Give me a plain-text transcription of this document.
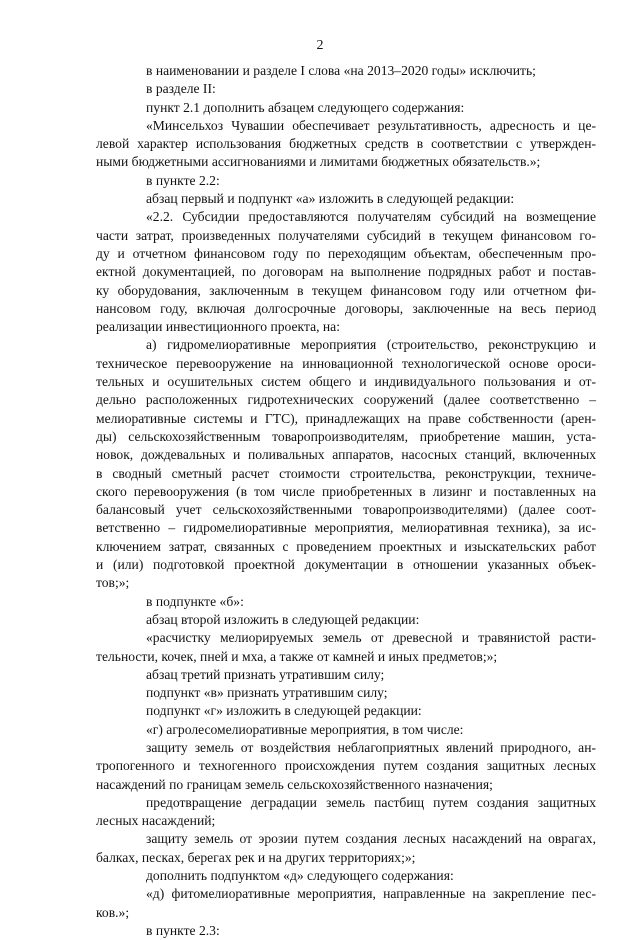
2
в наименовании и разделе I слова «на 2013–2020 годы» исключить;
в разделе II:
пункт 2.1 дополнить абзацем следующего содержания:
«Минсельхоз Чувашии обеспечивает результативность, адресность и це-
левой характер использования бюджетных средств в соответствии с утвержден-
ными бюджетными ассигнованиями и лимитами бюджетных обязательств.»;
в пункте 2.2:
абзац первый и подпункт «а» изложить в следующей редакции:
«2.2. Субсидии предоставляются получателям субсидий на возмещение
части затрат, произведенных получателями субсидий в текущем финансовом го-
ду и отчетном финансовом году по переходящим объектам, обеспеченным про-
ектной документацией, по договорам на выполнение подрядных работ и постав-
ку оборудования, заключенным в текущем финансовом году или отчетном фи-
нансовом году, включая долгосрочные договоры, заключенные на весь период
реализации инвестиционного проекта, на:
а) гидромелиоративные мероприятия (строительство, реконструкцию и
техническое перевооружение на инновационной технологической основе ороси-
тельных и осушительных систем общего и индивидуального пользования и от-
дельно расположенных гидротехнических сооружений (далее соответственно –
мелиоративные системы и ГТС), принадлежащих на праве собственности (арен-
ды) сельскохозяйственным товаропроизводителям, приобретение машин, уста-
новок, дождевальных и поливальных аппаратов, насосных станций, включенных
в сводный сметный расчет стоимости строительства, реконструкции, техниче-
ского перевооружения (в том числе приобретенных в лизинг и поставленных на
балансовый учет сельскохозяйственными товаропроизводителями) (далее соот-
ветственно – гидромелиоративные мероприятия, мелиоративная техника), за ис-
ключением затрат, связанных с проведением проектных и изыскательских работ
и (или) подготовкой проектной документации в отношении указанных объек-
тов;»;
в подпункте «б»:
абзац второй изложить в следующей редакции:
«расчистку мелиорируемых земель от древесной и травянистой расти-
тельности, кочек, пней и мха, а также от камней и иных предметов;»;
абзац третий признать утратившим силу;
подпункт «в» признать утратившим силу;
подпункт «г» изложить в следующей редакции:
«г) агролесомелиоративные мероприятия, в том числе:
защиту земель от воздействия неблагоприятных явлений природного, ан-
тропогенного и техногенного происхождения путем создания защитных лесных
насаждений по границам земель сельскохозяйственного назначения;
предотвращение деградации земель пастбищ путем создания защитных
лесных насаждений;
защиту земель от эрозии путем создания лесных насаждений на оврагах,
балках, песках, берегах рек и на других территориях;»;
дополнить подпунктом «д» следующего содержания:
«д) фитомелиоративные мероприятия, направленные на закрепление пес-
ков.»;
в пункте 2.3:
